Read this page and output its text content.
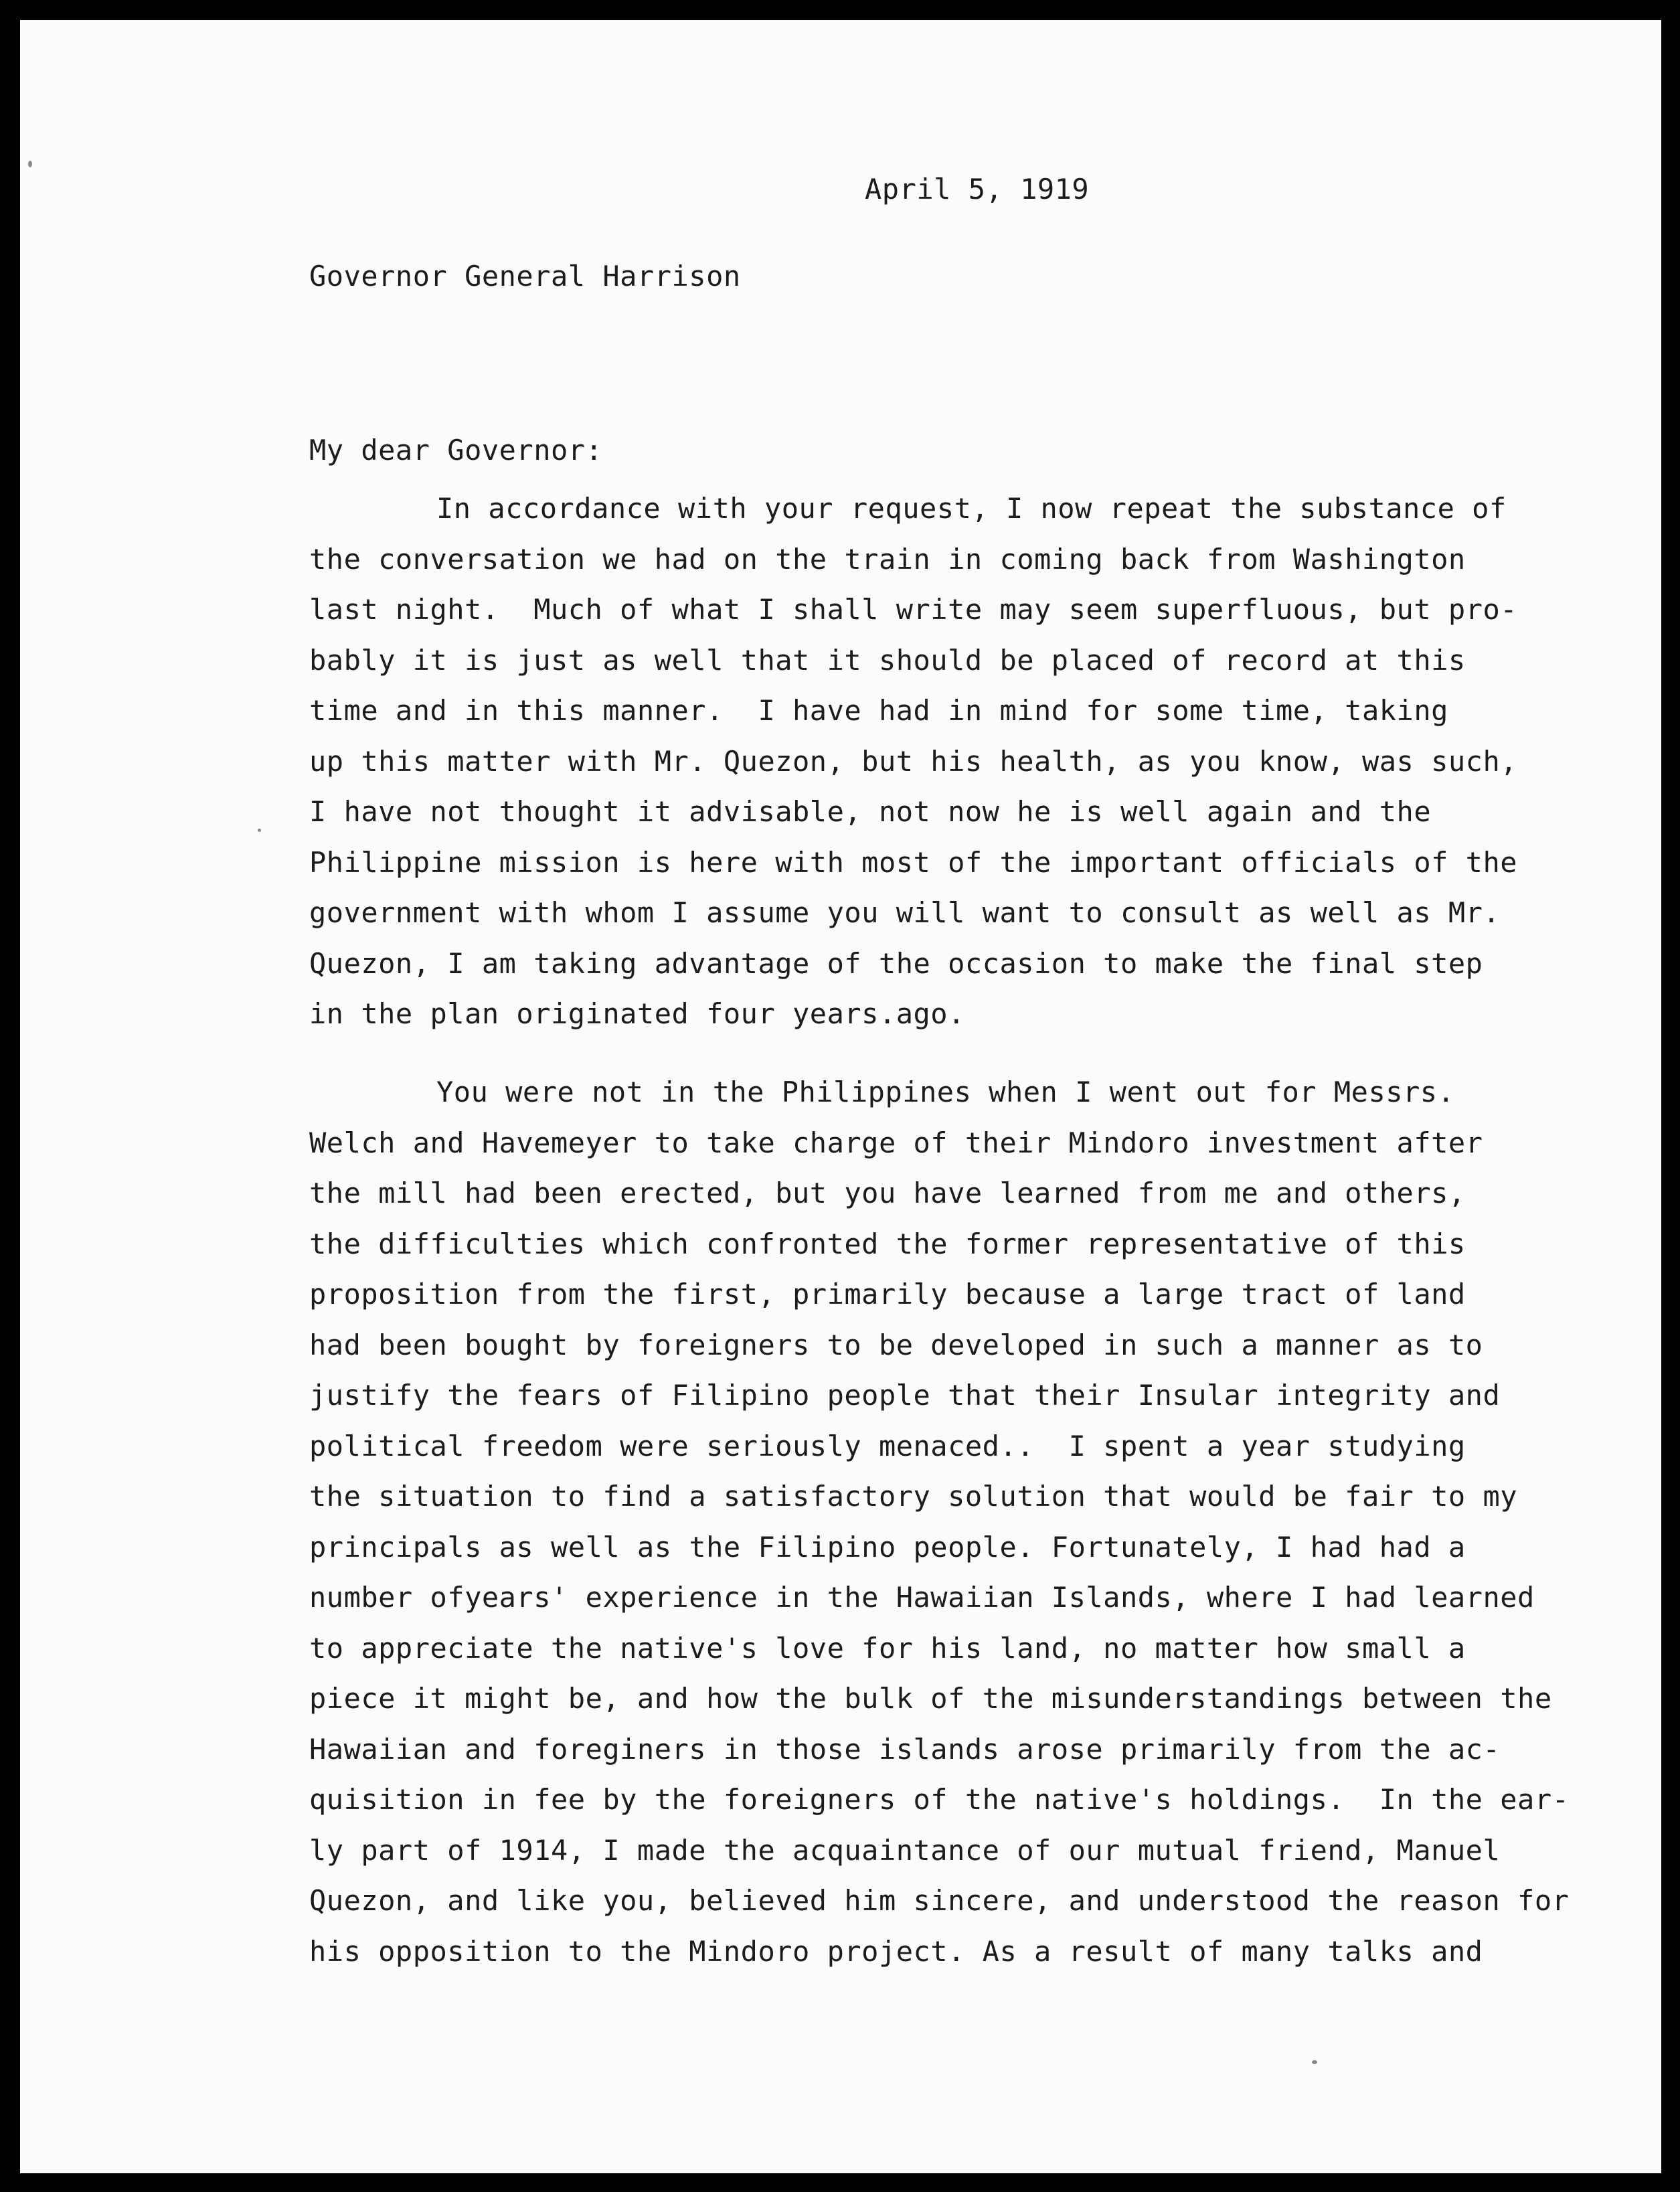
April 5, 1919

Governor General Harrison

My dear Governor:

In accordance with your request, I now repeat the substance of
the conversation we had on the train in coming back from Washington
last night.  Much of what I shall write may seem superfluous, but pro-
bably it is just as well that it should be placed of record at this
time and in this manner.  I have had in mind for some time, taking
up this matter with Mr. Quezon, but his health, as you know, was such,
I have not thought it advisable, not now he is well again and the
Philippine mission is here with most of the important officials of the
government with whom I assume you will want to consult as well as Mr.
Quezon, I am taking advantage of the occasion to make the final step
in the plan originated four years.ago.
You were not in the Philippines when I went out for Messrs.
Welch and Havemeyer to take charge of their Mindoro investment after
the mill had been erected, but you have learned from me and others,
the difficulties which confronted the former representative of this
proposition from the first, primarily because a large tract of land
had been bought by foreigners to be developed in such a manner as to
justify the fears of Filipino people that their Insular integrity and
political freedom were seriously menaced..  I spent a year studying
the situation to find a satisfactory solution that would be fair to my
principals as well as the Filipino people. Fortunately, I had had a
number ofyears' experience in the Hawaiian Islands, where I had learned
to appreciate the native's love for his land, no matter how small a
piece it might be, and how the bulk of the misunderstandings between the
Hawaiian and foreginers in those islands arose primarily from the ac-
quisition in fee by the foreigners of the native's holdings.  In the ear-
ly part of 1914, I made the acquaintance of our mutual friend, Manuel
Quezon, and like you, believed him sincere, and understood the reason for
his opposition to the Mindoro project. As a result of many talks and
